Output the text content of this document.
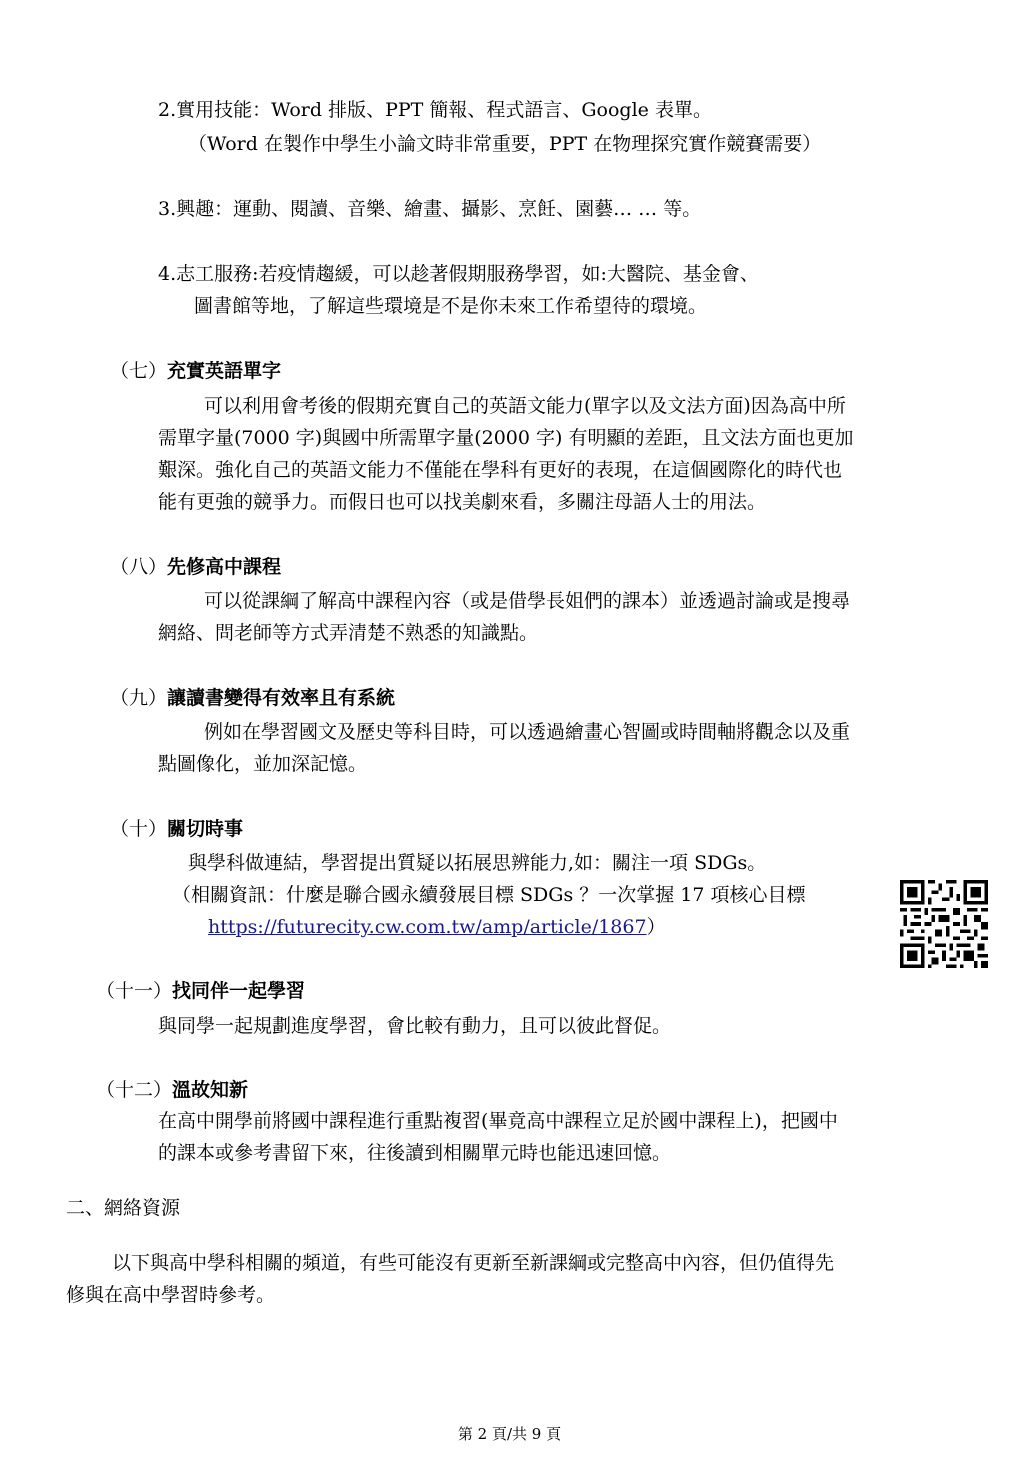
2.實用技能：Word 排版、PPT 簡報、程式語言、Google 表單。
（Word 在製作中學生小論文時非常重要，PPT 在物理探究實作競賽需要）
3.興趣：運動、閱讀、音樂、繪畫、攝影、烹飪、園藝… … 等。
4.志工服務:若疫情趨緩，可以趁著假期服務學習，如:大醫院、基金會、
圖書館等地，了解這些環境是不是你未來工作希望待的環境。
（七）充實英語單字
可以利用會考後的假期充實自己的英語文能力(單字以及文法方面)因為高中所
需單字量(7000 字)與國中所需單字量(2000 字) 有明顯的差距，且文法方面也更加
艱深。強化自己的英語文能力不僅能在學科有更好的表現，在這個國際化的時代也
能有更強的競爭力。而假日也可以找美劇來看，多關注母語人士的用法。
（八）先修高中課程
可以從課綱了解高中課程內容（或是借學長姐們的課本）並透過討論或是搜尋
網絡、問老師等方式弄清楚不熟悉的知識點。
（九）讓讀書變得有效率且有系統
例如在學習國文及歷史等科目時，可以透過繪畫心智圖或時間軸將觀念以及重
點圖像化，並加深記憶。
（十）關切時事
與學科做連結，學習提出質疑以拓展思辨能力,如：關注一項 SDGs。
（相關資訊：什麼是聯合國永續發展目標 SDGs ？一次掌握 17 項核心目標
https://futurecity.cw.com.tw/amp/article/1867）
（十一）找同伴一起學習
與同學一起規劃進度學習，會比較有動力，且可以彼此督促。
（十二）溫故知新
在高中開學前將國中課程進行重點複習(畢竟高中課程立足於國中課程上)，把國中
的課本或參考書留下來，往後讀到相關單元時也能迅速回憶。
二、網絡資源
以下與高中學科相關的頻道，有些可能沒有更新至新課綱或完整高中內容，但仍值得先
修與在高中學習時參考。
第 2 頁/共 9 頁
